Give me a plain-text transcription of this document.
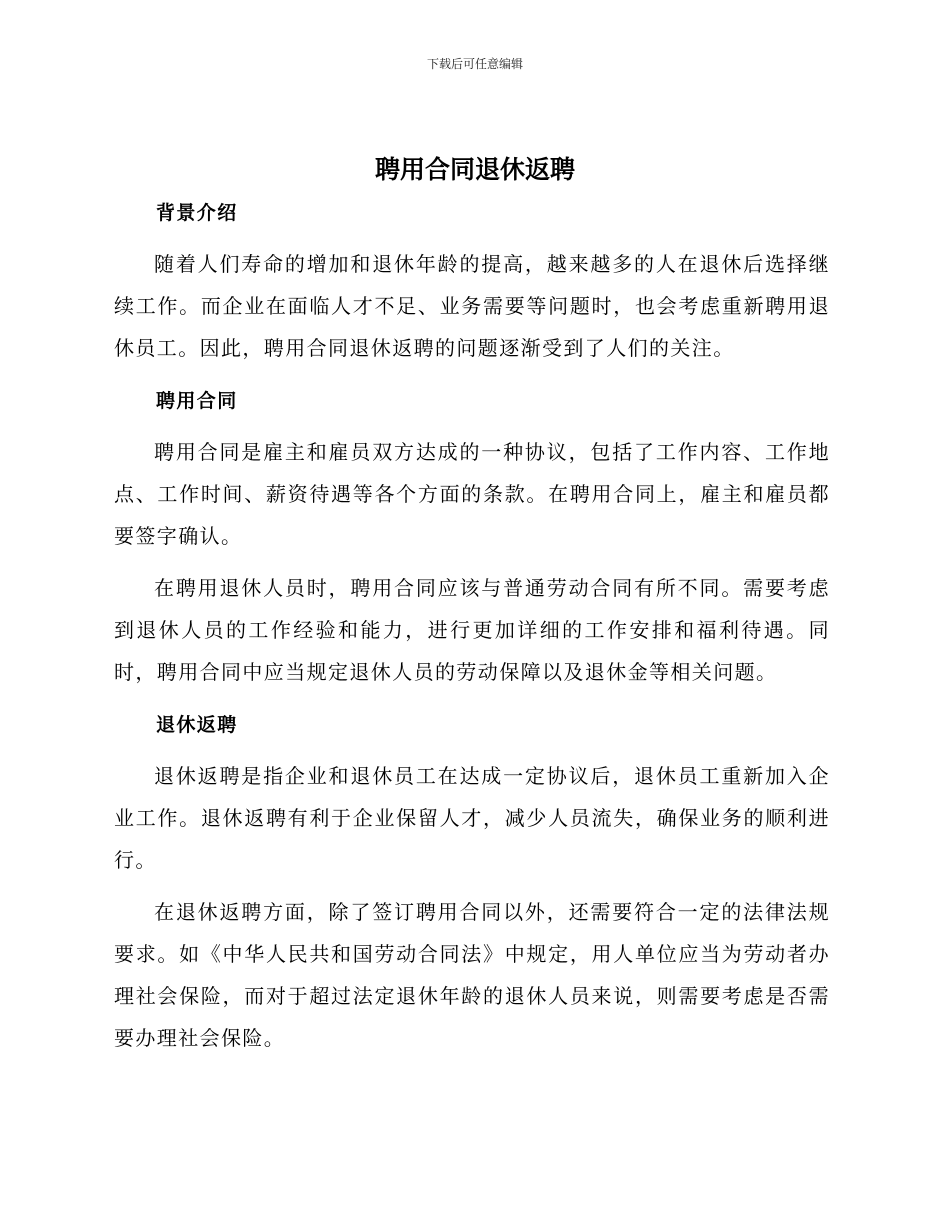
下载后可任意编辑
聘用合同退休返聘
背景介绍

随着人们寿命的增加和退休年龄的提高，越来越多的人在退休后选择继续工作。而企业在面临人才不足、业务需要等问题时，也会考虑重新聘用退休员工。因此，聘用合同退休返聘的问题逐渐受到了人们的关注。

聘用合同

聘用合同是雇主和雇员双方达成的一种协议，包括了工作内容、工作地点、工作时间、薪资待遇等各个方面的条款。在聘用合同上，雇主和雇员都要签字确认。

在聘用退休人员时，聘用合同应该与普通劳动合同有所不同。需要考虑到退休人员的工作经验和能力，进行更加详细的工作安排和福利待遇。同时，聘用合同中应当规定退休人员的劳动保障以及退休金等相关问题。

退休返聘

退休返聘是指企业和退休员工在达成一定协议后，退休员工重新加入企业工作。退休返聘有利于企业保留人才，减少人员流失，确保业务的顺利进行。

在退休返聘方面，除了签订聘用合同以外，还需要符合一定的法律法规要求。如《中华人民共和国劳动合同法》中规定，用人单位应当为劳动者办理社会保险，而对于超过法定退休年龄的退休人员来说，则需要考虑是否需要办理社会保险。
